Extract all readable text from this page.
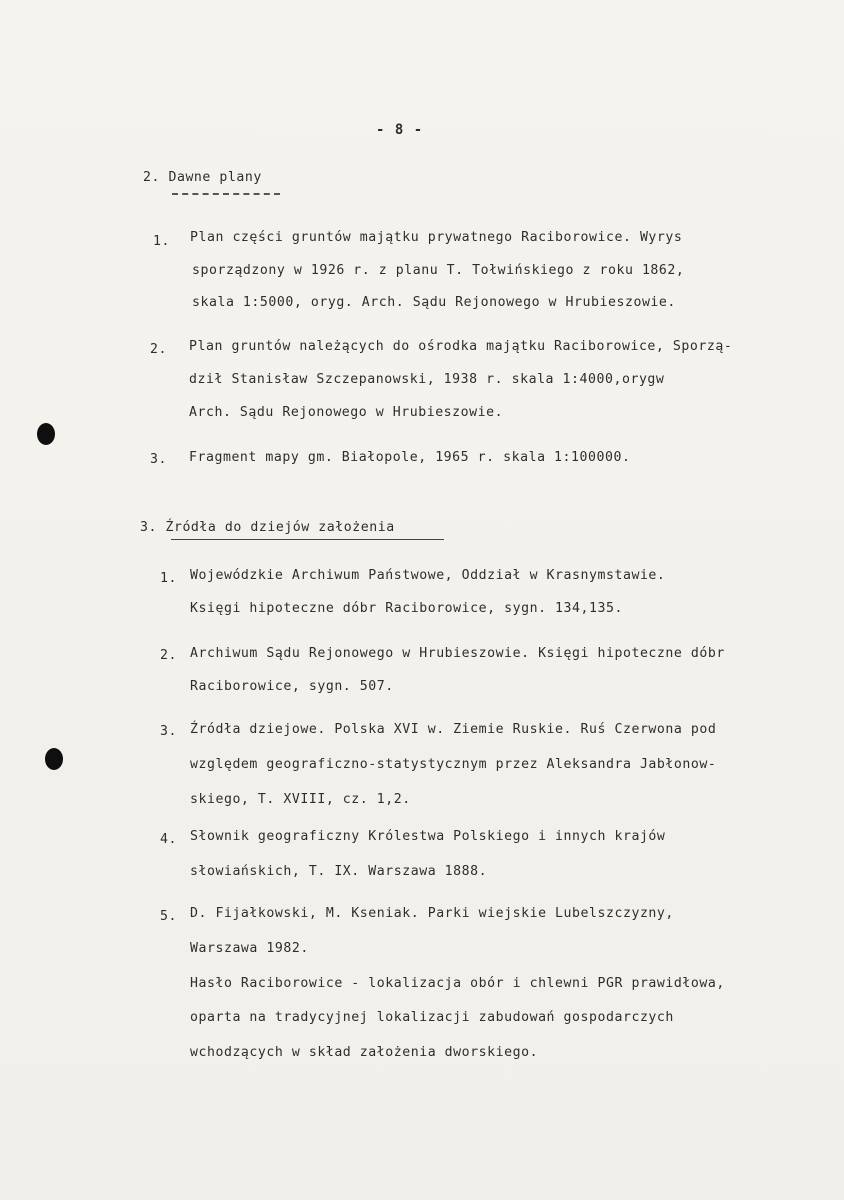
- 8 -
2. Dawne plany
1. Plan części gruntów majątku prywatnego Raciborowice. Wyrys
sporządzony w 1926 r. z planu T. Tołwińskiego z roku 1862,
skala 1:5000, oryg. Arch. Sądu Rejonowego w Hrubieszowie.
2. Plan gruntów należących do ośrodka majątku Raciborowice, Sporzą-
dził Stanisław Szczepanowski, 1938 r. skala 1:4000,orygw
Arch. Sądu Rejonowego w Hrubieszowie.
3. Fragment mapy gm. Białopole, 1965 r. skala 1:100000.
3. Źródła do dziejów założenia
1. Wojewódzkie Archiwum Państwowe, Oddział w Krasnymstawie.
Księgi hipoteczne dóbr Raciborowice, sygn. 134,135.
2. Archiwum Sądu Rejonowego w Hrubieszowie. Księgi hipoteczne dóbr
Raciborowice, sygn. 507.
3. Źródła dziejowe. Polska XVI w. Ziemie Ruskie. Ruś Czerwona pod
względem geograficzno-statystycznym przez Aleksandra Jabłonow-
skiego, T. XVIII, cz. 1,2.
4. Słownik geograficzny Królestwa Polskiego i innych krajów
słowiańskich, T. IX. Warszawa 1888.
5. D. Fijałkowski, M. Kseniak. Parki wiejskie Lubelszczyzny,
Warszawa 1982.
Hasło Raciborowice - lokalizacja obór i chlewni PGR prawidłowa,
oparta na tradycyjnej lokalizacji zabudowań gospodarczych
wchodzących w skład założenia dworskiego.
